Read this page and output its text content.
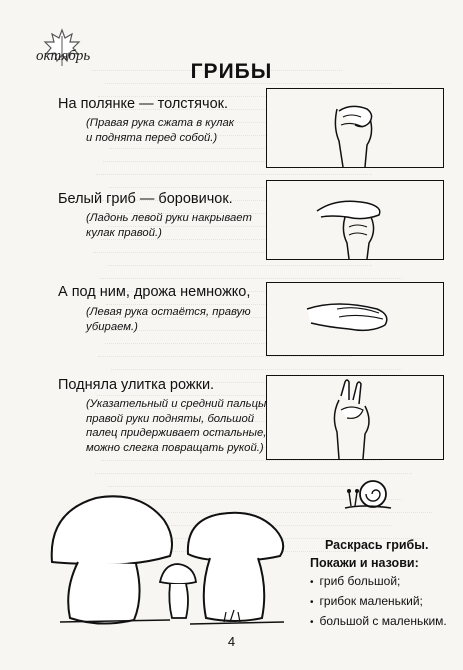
октябрь
ГРИБЫ
На полянке — толстячок.
(Правая рука сжата в кулак
и поднята перед собой.)
Белый гриб — боровичок.
(Ладонь левой руки накрывает
кулак правой.)
А под ним, дрожа немножко,
(Левая рука остаётся, правую
убираем.)
Подняла улитка рожки.
(Указательный и средний пальцы
правой руки подняты, большой
палец придерживает остальные,
можно слегка повращать рукой.)
Раскрась грибы.
Покажи и назови:
• гриб большой;
• грибок маленький;
• большой с маленьким.
4
